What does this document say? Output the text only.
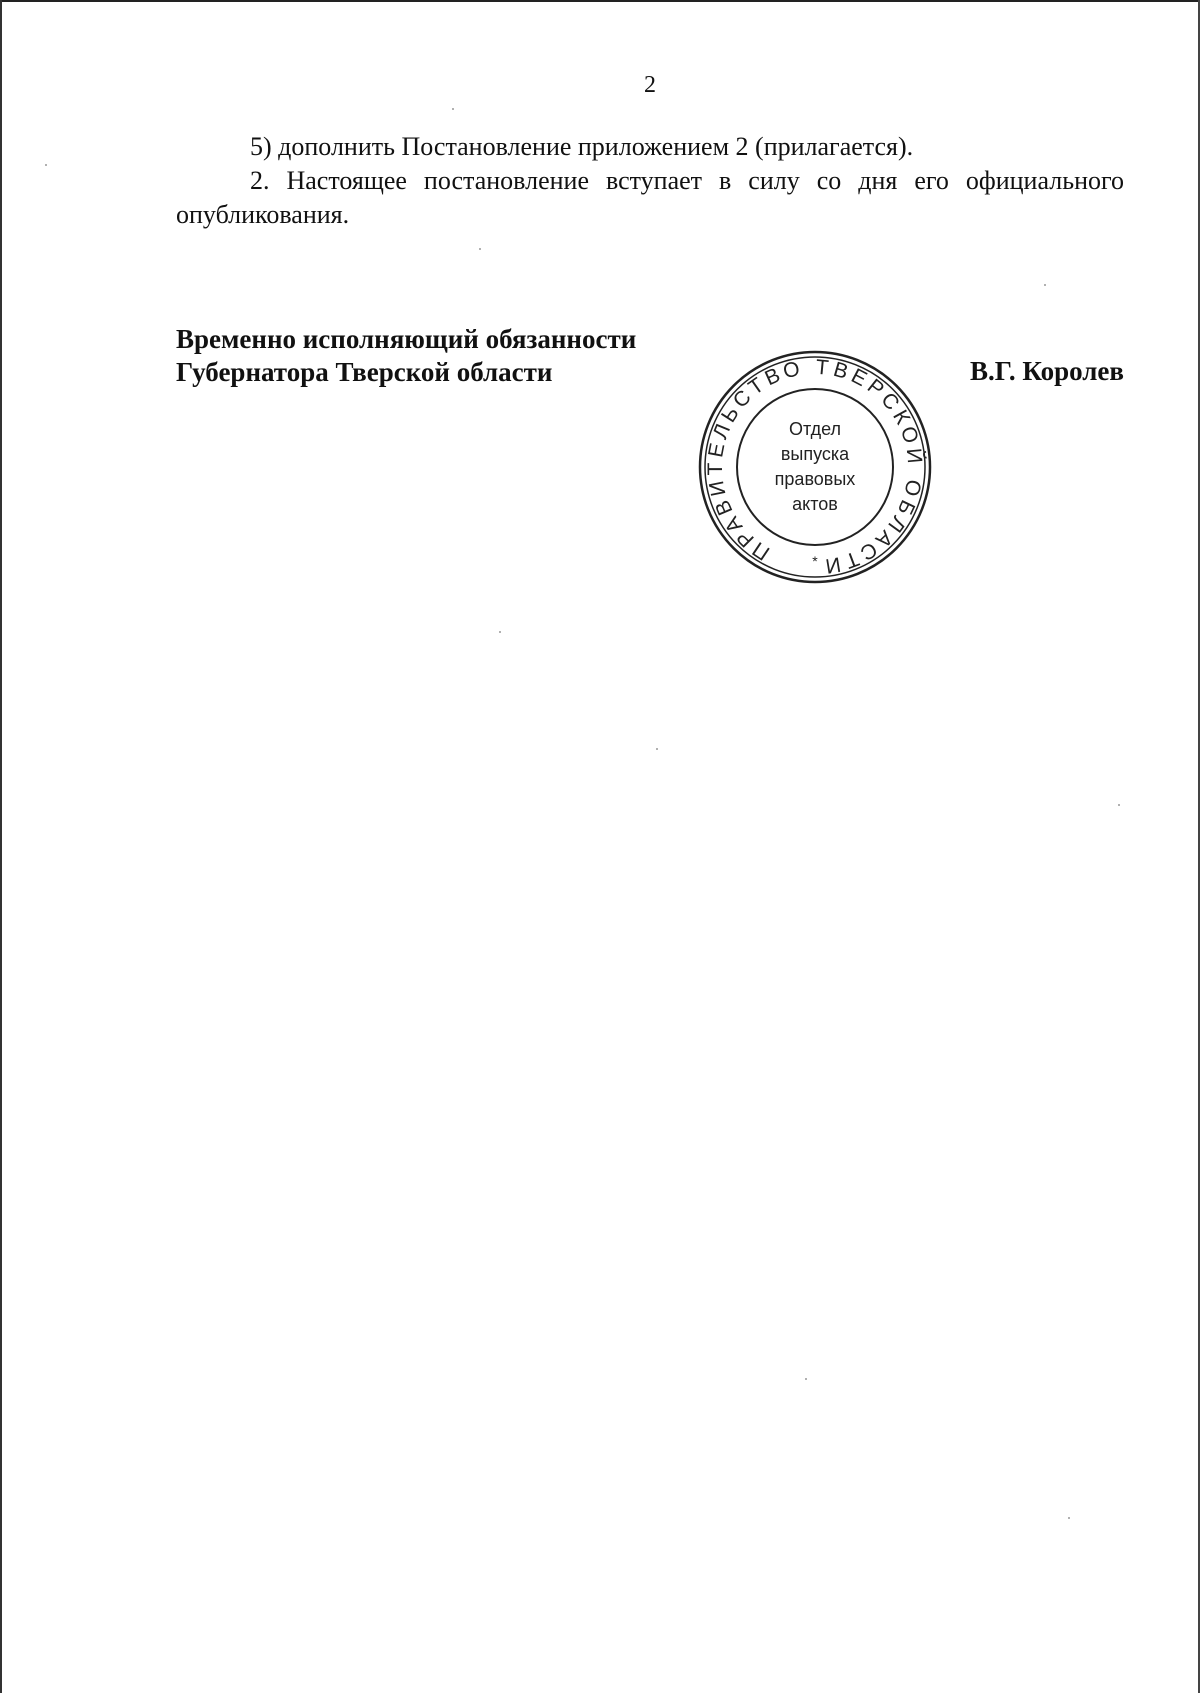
2

5) дополнить Постановление приложением 2 (прилагается).

2. Настоящее постановление вступает в силу со дня его официального опубликования.

Временно исполняющий обязанности
Губернатора Тверской области	В.Г. Королев
ПРАВИТЕЛЬСТВО ТВЕРСКОЙ ОБЛАСТИ
*
Отдел
выпуска
правовых
актов
